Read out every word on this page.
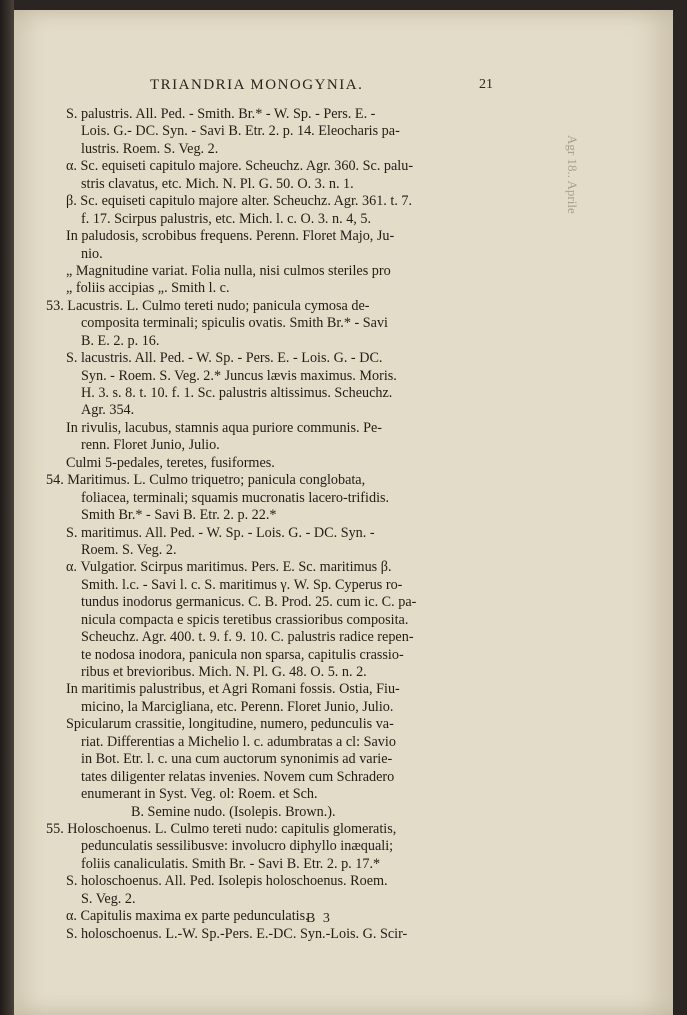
TRIANDRIA MONOGYNIA.	21
Agr 18.. Aprile
S. palustris. All. Ped. - Smith. Br.* - W. Sp. - Pers. E. -
Lois. G.- DC. Syn. - Savi B. Etr. 2. p. 14. Eleocharis pa-
lustris. Roem. S. Veg. 2.
α. Sc. equiseti capitulo majore. Scheuchz. Agr. 360. Sc. palu-
stris clavatus, etc. Mich. N. Pl. G. 50. O. 3. n. 1.
β. Sc. equiseti capitulo majore alter. Scheuchz. Agr. 361. t. 7.
f. 17. Scirpus palustris, etc. Mich. l. c. O. 3. n. 4, 5.
In paludosis, scrobibus frequens. Perenn. Floret Majo, Ju-
nio.
„ Magnitudine variat. Folia nulla, nisi culmos steriles pro
„ foliis accipias „. Smith l. c.
53. Lacustris. L. Culmo tereti nudo; panicula cymosa de-
composita terminali; spiculis ovatis. Smith Br.* - Savi
B. E. 2. p. 16.
S. lacustris. All. Ped. - W. Sp. - Pers. E. - Lois. G. - DC.
Syn. - Roem. S. Veg. 2.* Juncus lævis maximus. Moris.
H. 3. s. 8. t. 10. f. 1. Sc. palustris altissimus. Scheuchz.
Agr. 354.
In rivulis, lacubus, stamnis aqua puriore communis. Pe-
renn. Floret Junio, Julio.
Culmi 5-pedales, teretes, fusiformes.
54. Maritimus. L. Culmo triquetro; panicula conglobata,
foliacea, terminali; squamis mucronatis lacero-trifidis.
Smith Br.* - Savi B. Etr. 2. p. 22.*
S. maritimus. All. Ped. - W. Sp. - Lois. G. - DC. Syn. -
Roem. S. Veg. 2.
α. Vulgatior. Scirpus maritimus. Pers. E. Sc. maritimus β.
Smith. l.c. - Savi l. c. S. maritimus γ. W. Sp. Cyperus ro-
tundus inodorus germanicus. C. B. Prod. 25. cum ic. C. pa-
nicula compacta e spicis teretibus crassioribus composita.
Scheuchz. Agr. 400. t. 9. f. 9. 10. C. palustris radice repen-
te nodosa inodora, panicula non sparsa, capitulis crassio-
ribus et brevioribus. Mich. N. Pl. G. 48. O. 5. n. 2.
In maritimis palustribus, et Agri Romani fossis. Ostia, Fiu-
micino, la Marcigliana, etc. Perenn. Floret Junio, Julio.
Spicularum crassitie, longitudine, numero, pedunculis va-
riat. Differentias a Michelio l. c. adumbratas a cl: Savio
in Bot. Etr. l. c. una cum auctorum synonimis ad varie-
tates diligenter relatas invenies. Novem cum Schradero
enumerant in Syst. Veg. ol: Roem. et Sch.
B. Semine nudo. (Isolepis. Brown.).
55. Holoschoenus. L. Culmo tereti nudo: capitulis glomeratis,
pedunculatis sessilibusve: involucro diphyllo inæquali;
foliis canaliculatis. Smith Br. - Savi B. Etr. 2. p. 17.*
S. holoschoenus. All. Ped. Isolepis holoschoenus. Roem.
S. Veg. 2.
α. Capitulis maxima ex parte pedunculatis.
S. holoschoenus. L.-W. Sp.-Pers. E.-DC. Syn.-Lois. G. Scir-
B 3
